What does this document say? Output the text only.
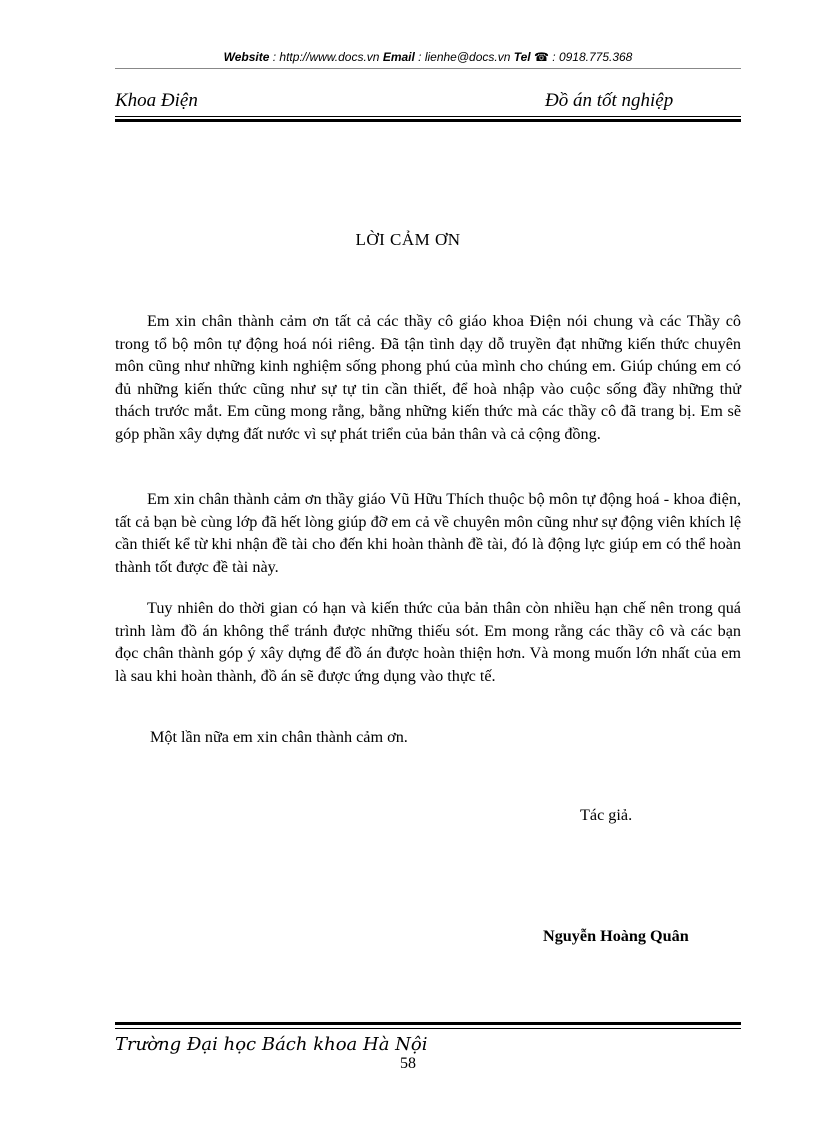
Website : http://www.docs.vn Email : lienhe@docs.vn Tel ☎ : 0918.775.368
Khoa Điện	Đồ án tốt nghiệp
LỜI CẢM ƠN

Em xin chân thành cảm ơn tất cả các thầy cô giáo khoa Điện nói chung và các Thầy cô trong tổ bộ môn tự động hoá nói riêng. Đã tận tình dạy dỗ truyền đạt những kiến thức chuyên môn cũng như những kinh nghiệm sống phong phú của mình cho chúng em. Giúp chúng em có đủ những kiến thức cũng như sự tự tin cần thiết, để hoà nhập vào cuộc sống đầy những thử thách trước mắt. Em cũng mong rằng, bằng những kiến thức mà các thầy cô đã trang bị. Em sẽ góp phần xây dựng đất nước vì sự phát triển của bản thân và cả cộng đồng.

Em xin chân thành cảm ơn thầy giáo Vũ Hữu Thích thuộc bộ môn tự động hoá - khoa điện, tất cả bạn bè cùng lớp đã hết lòng giúp đỡ em cả về chuyên môn cũng như sự động viên khích lệ cần thiết kể từ khi nhận đề tài cho đến khi hoàn thành đề tài, đó là động lực giúp em có thể hoàn thành tốt được đề tài này.

Tuy nhiên do thời gian có hạn và kiến thức của bản thân còn nhiều hạn chế nên trong quá trình làm đồ án không thể tránh được những thiếu sót. Em mong rằng các thầy cô và các bạn đọc chân thành góp ý xây dựng để đồ án được hoàn thiện hơn. Và mong muốn lớn nhất của em là sau khi hoàn thành, đồ án sẽ được ứng dụng vào thực tế.

Một lần nữa em xin chân thành cảm ơn.
Tác giả.
Nguyễn Hoàng Quân
Trường Đại học Bách khoa Hà Nội
58
